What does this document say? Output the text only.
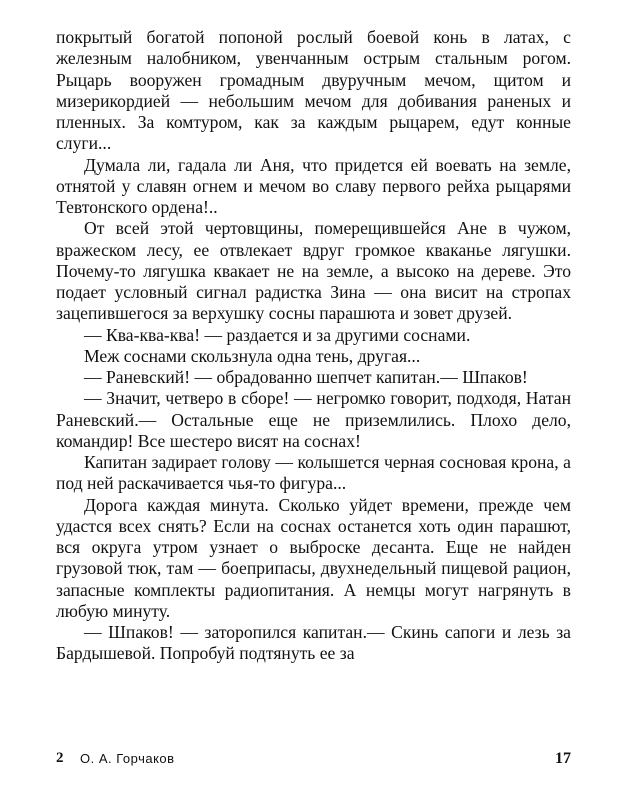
покрытый богатой попоной рослый боевой конь в латах, с железным налобником, увенчанным острым стальным рогом. Рыцарь вооружен громадным двуручным мечом, щитом и мизерикордией — небольшим мечом для добивания раненых и пленных. За комтуром, как за каждым рыцарем, едут конные слуги...

Думала ли, гадала ли Аня, что придется ей воевать на земле, отнятой у славян огнем и мечом во славу первого рейха рыцарями Тевтонского ордена!..

От всей этой чертовщины, померещившейся Ане в чужом, вражеском лесу, ее отвлекает вдруг громкое кваканье лягушки. Почему-то лягушка квакает не на земле, а высоко на дереве. Это подает условный сигнал радистка Зина — она висит на стропах зацепившегося за верхушку сосны парашюта и зовет друзей.

— Ква-ква-ква! — раздается и за другими соснами.

Меж соснами скользнула одна тень, другая...

— Раневский! — обрадованно шепчет капитан.— Шпаков!

— Значит, четверо в сборе! — негромко говорит, подходя, Натан Раневский.— Остальные еще не приземлились. Плохо дело, командир! Все шестеро висят на соснах!

Капитан задирает голову — колышется черная сосновая крона, а под ней раскачивается чья-то фигура...

Дорога каждая минута. Сколько уйдет времени, прежде чем удастся всех снять? Если на соснах останется хоть один парашют, вся округа утром узнает о выброске десанта. Еще не найден грузовой тюк, там — боеприпасы, двухнедельный пищевой рацион, запасные комплекты радиопитания. А немцы могут нагрянуть в любую минуту.

— Шпаков! — заторопился капитан.— Скинь сапоги и лезь за Бардышевой. Попробуй подтянуть ее за

2 О. А. Горчаков	17
